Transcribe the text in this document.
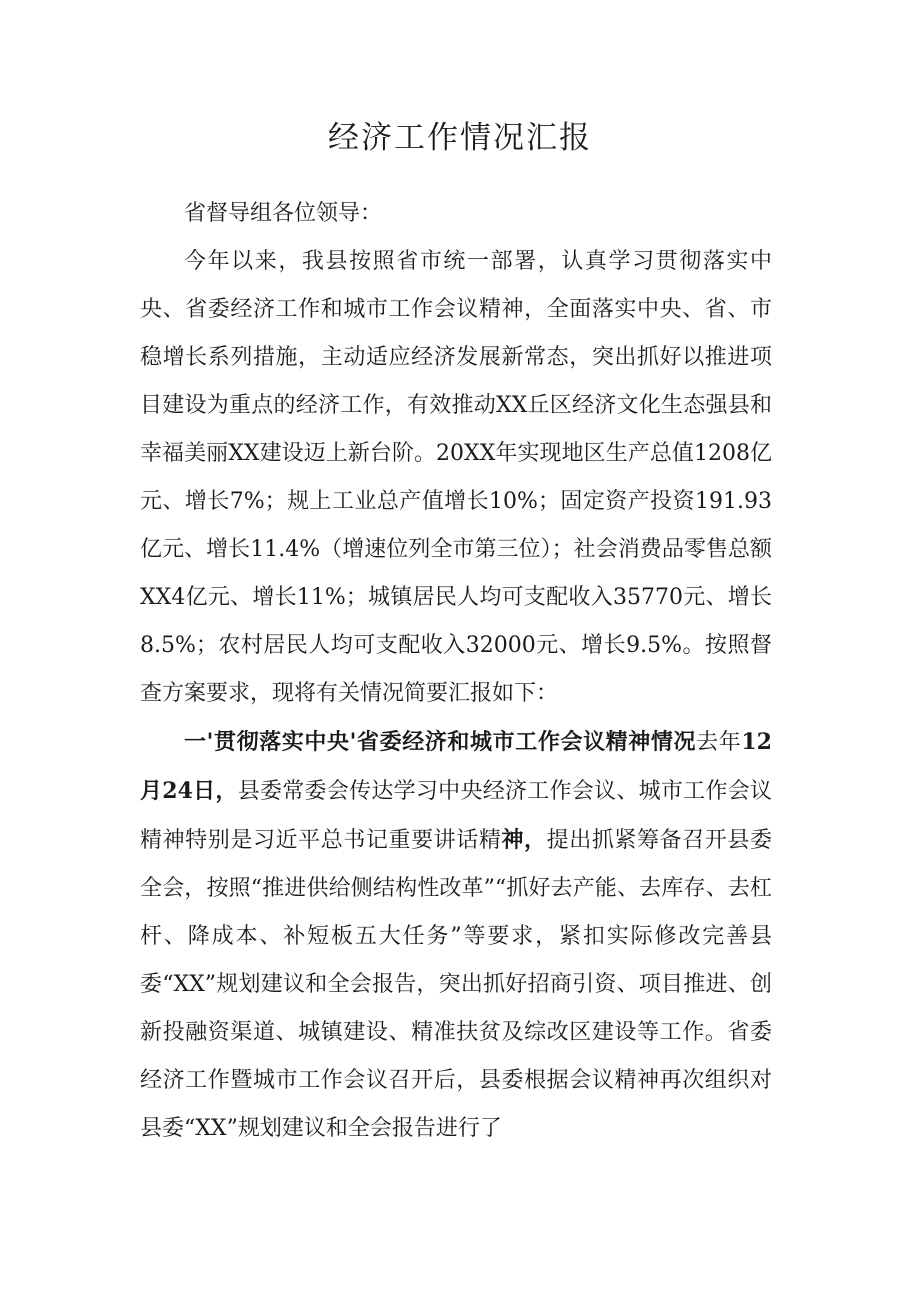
经济工作情况汇报

省督导组各位领导：

今年以来，我县按照省市统一部署，认真学习贯彻落实中央、省委经济工作和城市工作会议精神，全面落实中央、省、市稳增长系列措施，主动适应经济发展新常态，突出抓好以推进项目建设为重点的经济工作，有效推动XX丘区经济文化生态强县和幸福美丽XX建设迈上新台阶。20XX年实现地区生产总值1208亿元、增长7%；规上工业总产值增长10%；固定资产投资191.93亿元、增长11.4%（增速位列全市第三位）；社会消费品零售总额XX4亿元、增长11%；城镇居民人均可支配收入35770元、增长8.5%；农村居民人均可支配收入32000元、增长9.5%。按照督查方案要求，现将有关情况简要汇报如下：

一'贯彻落实中央'省委经济和城市工作会议精神情况去年12月24日，县委常委会传达学习中央经济工作会议、城市工作会议精神特别是习近平总书记重要讲话精神，提出抓紧筹备召开县委全会，按照“推进供给侧结构性改革”“抓好去产能、去库存、去杠杆、降成本、补短板五大任务”等要求，紧扣实际修改完善县委“XX”规划建议和全会报告，突出抓好招商引资、项目推进、创新投融资渠道、城镇建设、精准扶贫及综改区建设等工作。省委经济工作暨城市工作会议召开后，县委根据会议精神再次组织对县委“XX”规划建议和全会报告进行了
